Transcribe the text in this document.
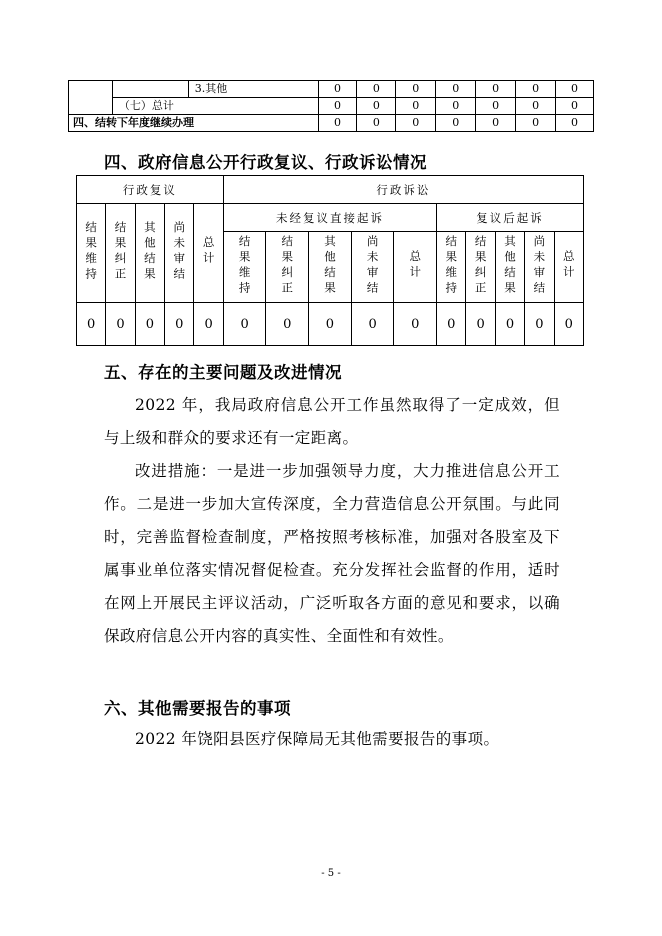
		3.其他	0	0	0	0	0	0	0
	（七）总计		0	0	0	0	0	0	0
四、结转下年度继续办理			0	0	0	0	0	0	0
四、政府信息公开行政复议、行政诉讼情况
行政复议					行政诉讼									
结果维持	结果纠正	其他结果	尚未审结	总计	未经复议直接起诉					复议后起诉				
					结果维持	结果纠正	其他结果	尚未审结	总计	结果维持	结果纠正	其他结果	尚未审结	总计
0	0	0	0	0	0	0	0	0	0	0	0	0	0	0
五、存在的主要问题及改进情况

2022 年，我局政府信息公开工作虽然取得了一定成效，但与上级和群众的要求还有一定距离。

改进措施：一是进一步加强领导力度，大力推进信息公开工作。二是进一步加大宣传深度，全力营造信息公开氛围。与此同时，完善监督检查制度，严格按照考核标准，加强对各股室及下属事业单位落实情况督促检查。充分发挥社会监督的作用，适时在网上开展民主评议活动，广泛听取各方面的意见和要求，以确保政府信息公开内容的真实性、全面性和有效性。

六、其他需要报告的事项

2022 年饶阳县医疗保障局无其他需要报告的事项。

- 5 -
